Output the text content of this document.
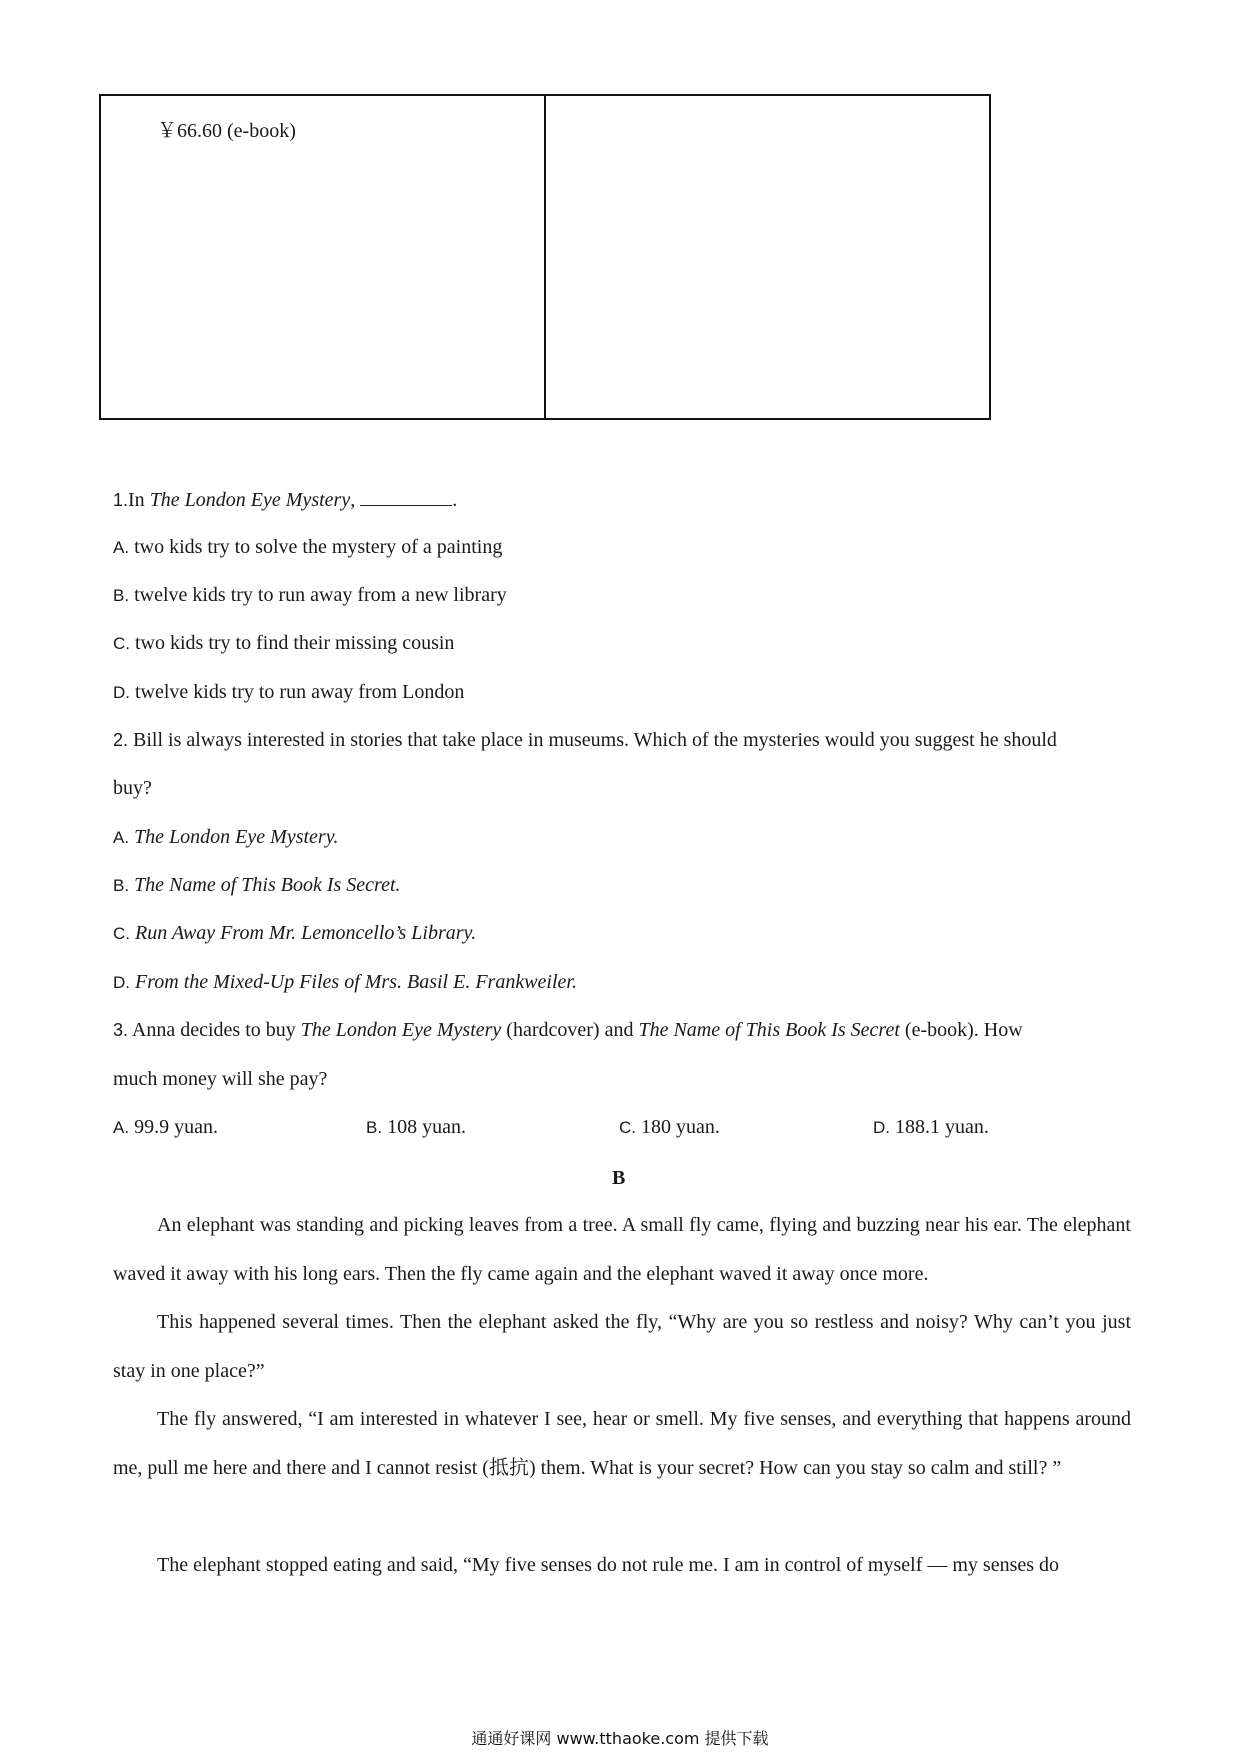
￥66.60 (e-book)
1.In The London Eye Mystery,	.
A. two kids try to solve the mystery of a painting
B. twelve kids try to run away from a new library
C. two kids try to find their missing cousin
D. twelve kids try to run away from London
2. Bill is always interested in stories that take place in museums. Which of the mysteries would you suggest he should
buy?
A. The London Eye Mystery.
B. The Name of This Book Is Secret.
C. Run Away From Mr. Lemoncello’s Library.
D. From the Mixed-Up Files of Mrs. Basil E. Frankweiler.
3. Anna decides to buy The London Eye Mystery (hardcover) and The Name of This Book Is Secret (e-book). How
much money will she pay?
A. 99.9 yuan.	B. 108 yuan.	C. 180 yuan.	D. 188.1 yuan.
B
An elephant was standing and picking leaves from a tree. A small fly came, flying and buzzing near his ear. The elephant waved it away with his long ears. Then the fly came again and the elephant waved it away once more.
This happened several times. Then the elephant asked the fly, “Why are you so restless and noisy? Why can’t you just stay in one place?”
The fly answered, “I am interested in whatever I see, hear or smell. My five senses, and everything that happens around me, pull me here and there and I cannot resist (抵抗) them. What is your secret? How can you stay so calm and still? ”
The elephant stopped eating and said, “My five senses do not rule me. I am in control of myself — my senses do
通通好课网 www.tthaoke.com 提供下载
